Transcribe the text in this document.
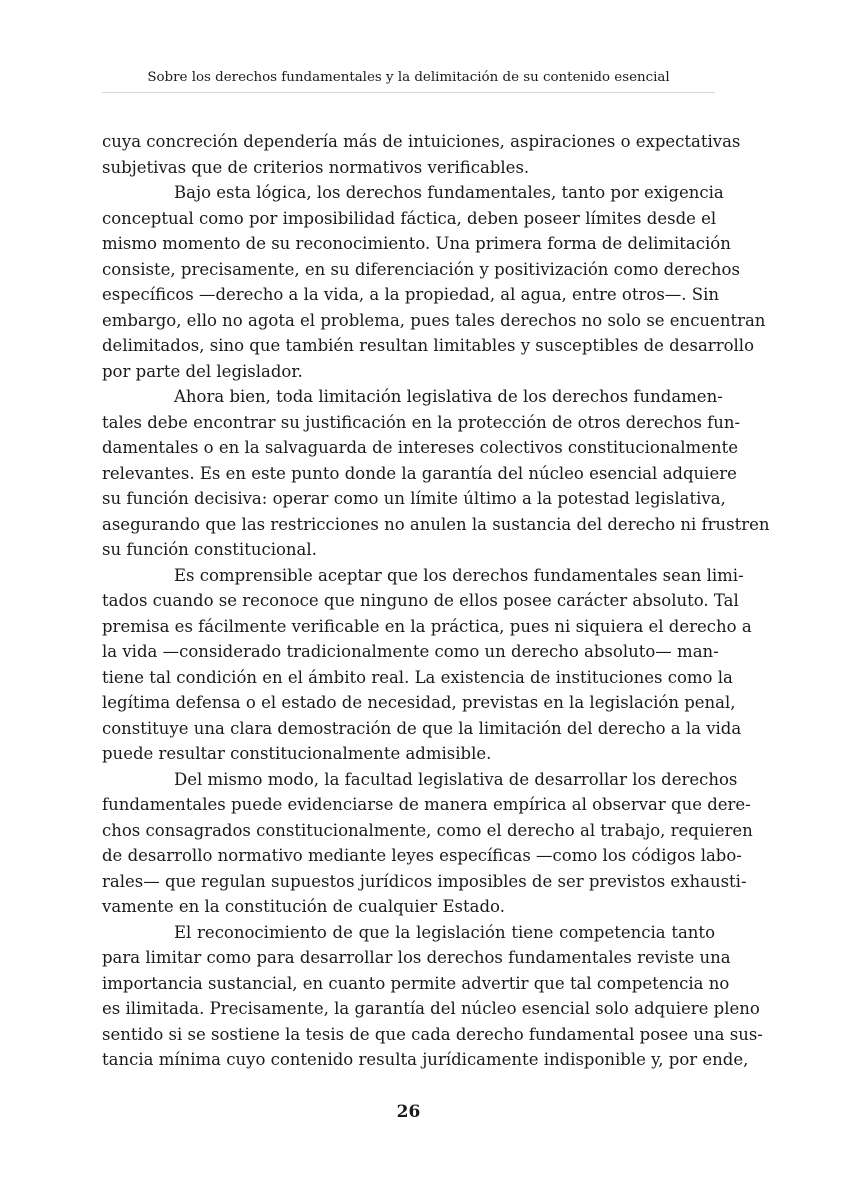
Sobre los derechos fundamentales y la delimitación de su contenido esencial

cuya concreción dependería más de intuiciones, aspiraciones o expectativas
subjetivas que de criterios normativos verificables.

Bajo esta lógica, los derechos fundamentales, tanto por exigencia
conceptual como por imposibilidad fáctica, deben poseer límites desde el
mismo momento de su reconocimiento. Una primera forma de delimitación
consiste, precisamente, en su diferenciación y positivización como derechos
específicos —derecho a la vida, a la propiedad, al agua, entre otros—. Sin
embargo, ello no agota el problema, pues tales derechos no solo se encuentran
delimitados, sino que también resultan limitables y susceptibles de desarrollo
por parte del legislador.

Ahora bien, toda limitación legislativa de los derechos fundamen-
tales debe encontrar su justificación en la protección de otros derechos fun-
damentales o en la salvaguarda de intereses colectivos constitucionalmente
relevantes. Es en este punto donde la garantía del núcleo esencial adquiere
su función decisiva: operar como un límite último a la potestad legislativa,
asegurando que las restricciones no anulen la sustancia del derecho ni frustren
su función constitucional.

Es comprensible aceptar que los derechos fundamentales sean limi-
tados cuando se reconoce que ninguno de ellos posee carácter absoluto. Tal
premisa es fácilmente verificable en la práctica, pues ni siquiera el derecho a
la vida —considerado tradicionalmente como un derecho absoluto— man-
tiene tal condición en el ámbito real. La existencia de instituciones como la
legítima defensa o el estado de necesidad, previstas en la legislación penal,
constituye una clara demostración de que la limitación del derecho a la vida
puede resultar constitucionalmente admisible.

Del mismo modo, la facultad legislativa de desarrollar los derechos
fundamentales puede evidenciarse de manera empírica al observar que dere-
chos consagrados constitucionalmente, como el derecho al trabajo, requieren
de desarrollo normativo mediante leyes específicas —como los códigos labo-
rales— que regulan supuestos jurídicos imposibles de ser previstos exhausti-
vamente en la constitución de cualquier Estado.

El reconocimiento de que la legislación tiene competencia tanto
para limitar como para desarrollar los derechos fundamentales reviste una
importancia sustancial, en cuanto permite advertir que tal competencia no
es ilimitada. Precisamente, la garantía del núcleo esencial solo adquiere pleno
sentido si se sostiene la tesis de que cada derecho fundamental posee una sus-
tancia mínima cuyo contenido resulta jurídicamente indisponible y, por ende,

26
